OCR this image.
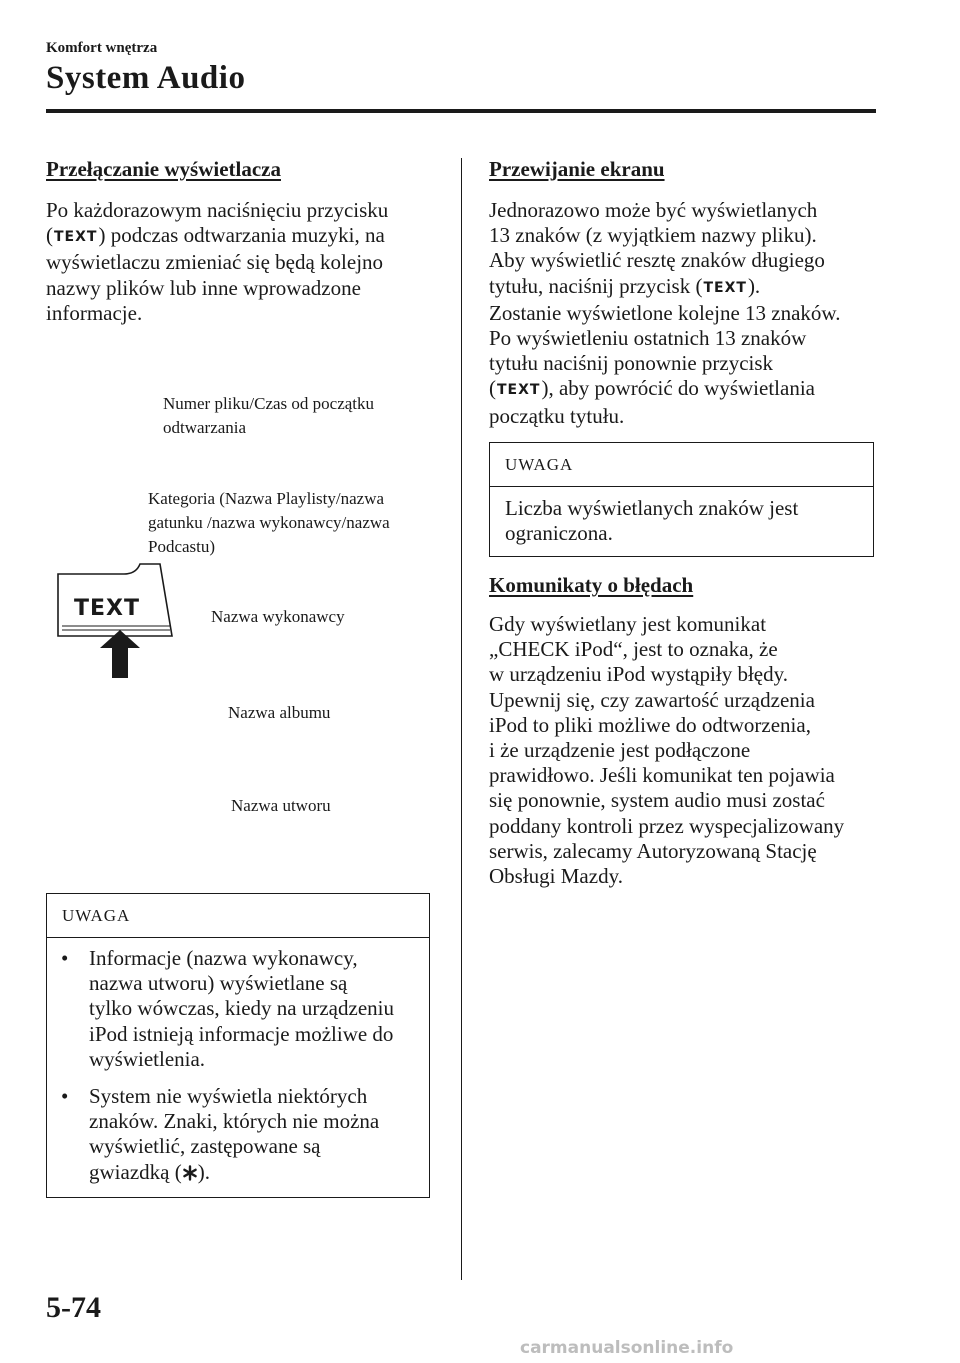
Komfort wnętrza
System Audio
Przełączanie wyświetlacza

Po każdorazowym naciśnięciu przycisku

(TEXT) podczas odtwarzania muzyki, na

wyświetlaczu zmieniać się będą kolejno

nazwy plików lub inne wprowadzone

informacje.

TEXT
Numer pliku/Czas od początku
odtwarzania
Kategoria (Nazwa Playlisty/nazwa
gatunku /nazwa wykonawcy/nazwa
Podcastu)
Nazwa wykonawcy
Nazwa albumu
Nazwa utworu
UWAGA
• Informacje (nazwa wykonawcy,
nazwa utworu) wyświetlane są
tylko wówczas, kiedy na urządzeniu
iPod istnieją informacje możliwe do
wyświetlenia.
• System nie wyświetla niektórych
znaków. Znaki, których nie można
wyświetlić, zastępowane są
gwiazdką ( ).
Przewijanie ekranu

Jednorazowo może być wyświetlanych

13 znaków (z wyjątkiem nazwy pliku).

Aby wyświetlić resztę znaków długiego

tytułu, naciśnij przycisk (TEXT).

Zostanie wyświetlone kolejne 13 znaków.

Po wyświetleniu ostatnich 13 znaków

tytułu naciśnij ponownie przycisk

(TEXT), aby powrócić do wyświetlania

początku tytułu.

UWAGA
Liczba wyświetlanych znaków jest
ograniczona.
Komunikaty o błędach

Gdy wyświetlany jest komunikat

„CHECK iPod“, jest to oznaka, że

w urządzeniu iPod wystąpiły błędy.

Upewnij się, czy zawartość urządzenia

iPod to pliki możliwe do odtworzenia,

i że urządzenie jest podłączone

prawidłowo. Jeśli komunikat ten pojawia

się ponownie, system audio musi zostać

poddany kontroli przez wyspecjalizowany

serwis, zalecamy Autoryzowaną Stację

Obsługi Mazdy.

5-74
carmanualsonline.info
